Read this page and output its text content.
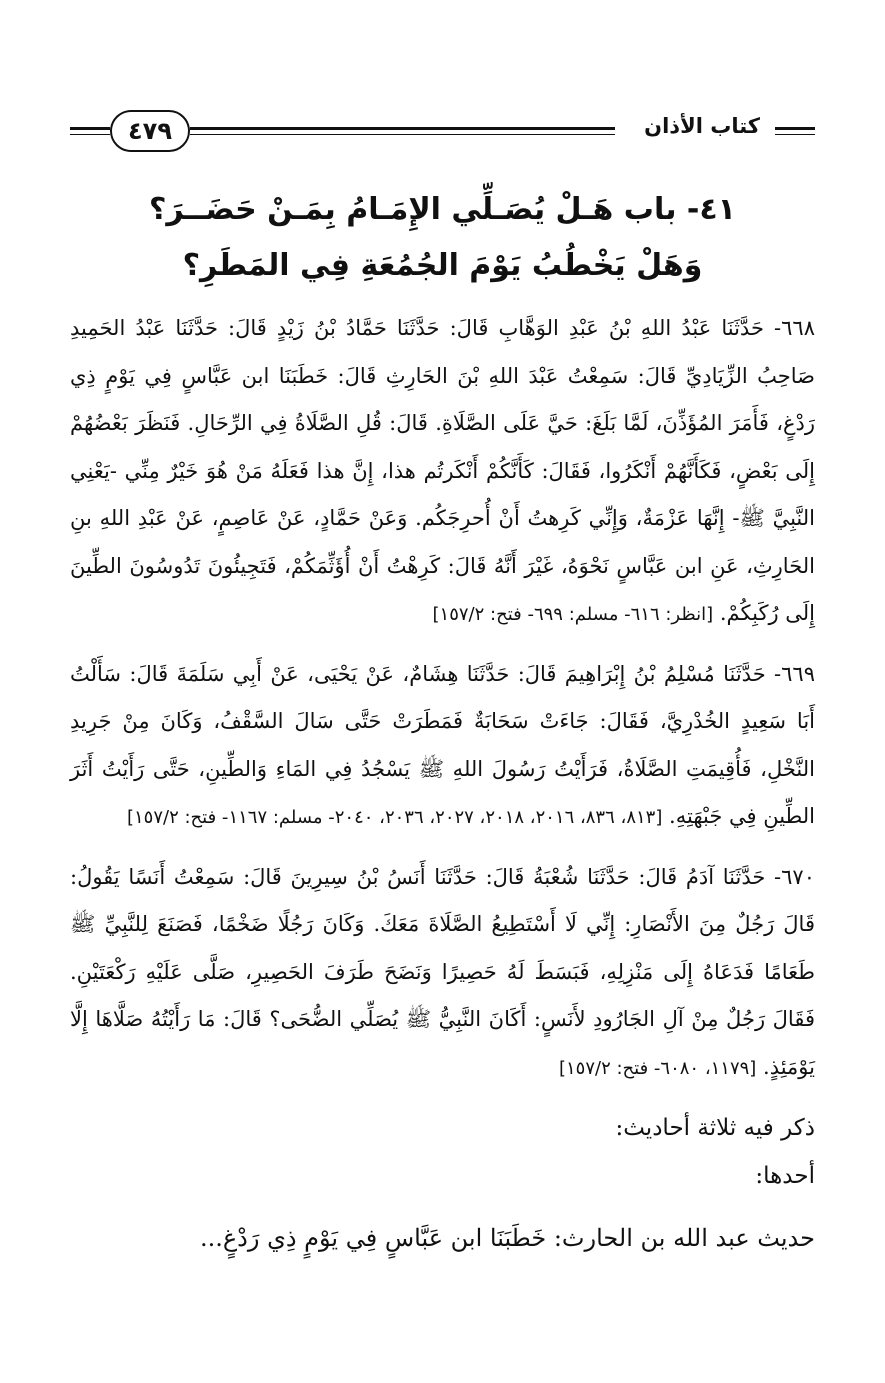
كتاب الأذان
٤٧٩
٤١- باب هَـلْ يُصَـلِّي الإِمَـامُ بِمَـنْ حَضَــرَ؟
وَهَلْ يَخْطُبُ يَوْمَ الجُمُعَةِ فِي المَطَرِ؟

٦٦٨- حَدَّثَنَا عَبْدُ اللهِ بْنُ عَبْدِ الوَهَّابِ قَالَ: حَدَّثَنَا حَمَّادُ بْنُ زَيْدٍ قَالَ: حَدَّثَنَا عَبْدُ الحَمِيدِ صَاحِبُ الزِّيَادِيِّ قَالَ: سَمِعْتُ عَبْدَ اللهِ بْنَ الحَارِثِ قَالَ: خَطَبَنَا ابن عَبَّاسٍ فِي يَوْمٍ ذِي رَدْغٍ، فَأَمَرَ المُؤَذِّنَ، لَمَّا بَلَغَ: حَيَّ عَلَى الصَّلَاةِ. قَالَ: قُلِ الصَّلَاةُ فِي الرِّحَالِ. فَنَظَرَ بَعْضُهُمْ إِلَى بَعْضٍ، فَكَأَنَّهُمْ أَنْكَرُوا، فَقَالَ: كَأَنَّكُمْ أَنْكَرتُم هذا، إِنَّ هذا فَعَلَهُ مَنْ هُوَ خَيْرٌ مِنِّي -يَعْنِي النَّبِيَّ ﷺ- إِنَّهَا عَزْمَةٌ، وَإِنِّي كَرِهتُ أَنْ أُحرِجَكُم. وَعَنْ حَمَّادٍ، عَنْ عَاصِمٍ، عَنْ عَبْدِ اللهِ بنِ الحَارِثِ، عَنِ ابن عَبَّاسٍ نَحْوَهُ، غَيْرَ أَنَّهُ قَالَ: كَرِهْتُ أَنْ أُؤَثِّمَكُمْ، فَتَجِيئُونَ تَدُوسُونَ الطِّينَ إِلَى رُكَبِكُمْ. [انظر: ٦١٦- مسلم: ٦٩٩- فتح: ١٥٧/٢]

٦٦٩- حَدَّثَنَا مُسْلِمُ بْنُ إِبْرَاهِيمَ قَالَ: حَدَّثَنَا هِشَامٌ، عَنْ يَحْيَى، عَنْ أَبِي سَلَمَةَ قَالَ: سَأَلْتُ أَبَا سَعِيدٍ الخُدْرِيَّ، فَقَالَ: جَاءَتْ سَحَابَةٌ فَمَطَرَتْ حَتَّى سَالَ السَّقْفُ، وَكَانَ مِنْ جَرِيدِ النَّخْلِ، فَأُقِيمَتِ الصَّلَاةُ، فَرَأَيْتُ رَسُولَ اللهِ ﷺ يَسْجُدُ فِي المَاءِ وَالطِّينِ، حَتَّى رَأَيْتُ أَثَرَ الطِّينِ فِي جَبْهَتِهِ. [٨١٣، ٨٣٦، ٢٠١٦، ٢٠١٨، ٢٠٢٧، ٢٠٣٦، ٢٠٤٠- مسلم: ١١٦٧- فتح: ١٥٧/٢]

٦٧٠- حَدَّثَنَا آدَمُ قَالَ: حَدَّثَنَا شُعْبَةُ قَالَ: حَدَّثَنَا أَنَسُ بْنُ سِيرِينَ قَالَ: سَمِعْتُ أَنَسًا يَقُولُ: قَالَ رَجُلٌ مِنَ الأَنْصَارِ: إِنِّي لَا أَسْتَطِيعُ الصَّلَاةَ مَعَكَ. وَكَانَ رَجُلًا ضَخْمًا، فَصَنَعَ لِلنَّبِيِّ ﷺ طَعَامًا فَدَعَاهُ إِلَى مَنْزِلِهِ، فَبَسَطَ لَهُ حَصِيرًا وَنَضَحَ طَرَفَ الحَصِيرِ، صَلَّى عَلَيْهِ رَكْعَتَيْنِ. فَقَالَ رَجُلٌ مِنْ آلِ الجَارُودِ لأَنَسٍ: أَكَانَ النَّبِيُّ ﷺ يُصَلِّي الضُّحَى؟ قَالَ: مَا رَأَيْتُهُ صَلَّاهَا إِلَّا يَوْمَئِذٍ. [١١٧٩، ٦٠٨٠- فتح: ١٥٧/٢]

ذكر فيه ثلاثة أحاديث:

أحدها:

حديث عبد الله بن الحارث: خَطَبَنَا ابن عَبَّاسٍ فِي يَوْمٍ ذِي رَدْغٍ...
